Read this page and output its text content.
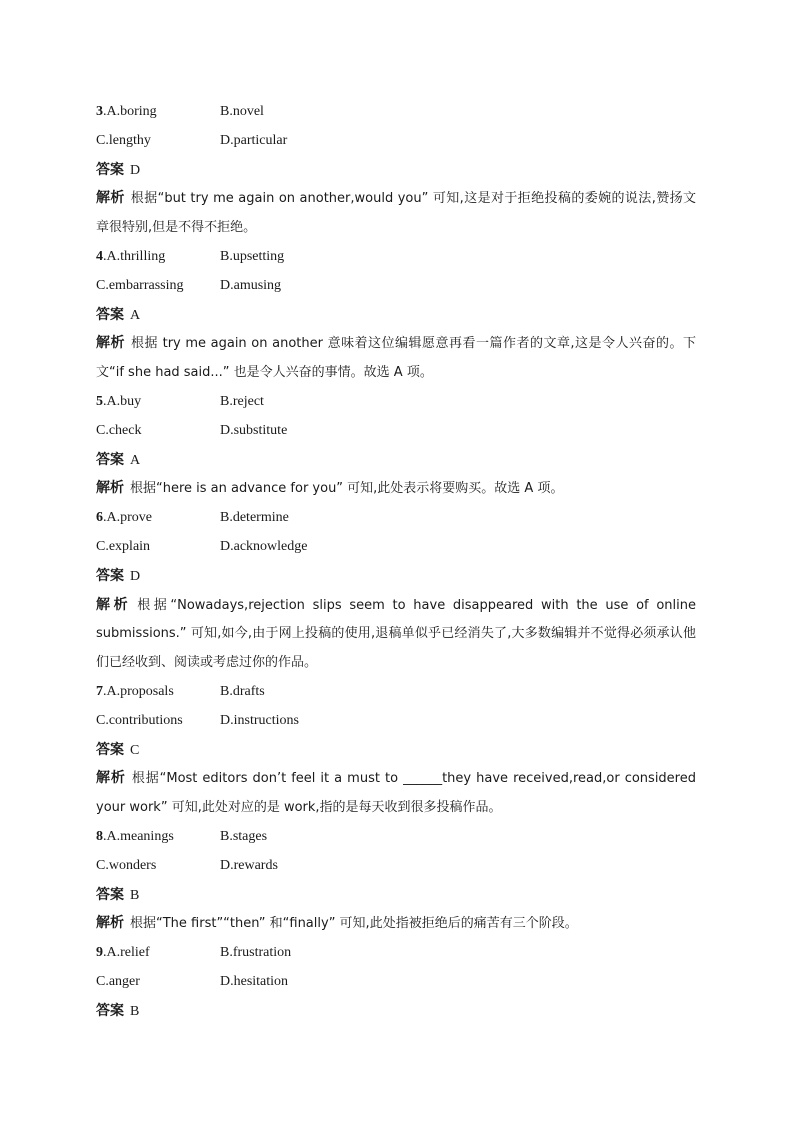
3.A.boring	B.novel
C.lengthy	D.particular
答案 D
解析 根据“but try me again on another,would you” 可知,这是对于拒绝投稿的委婉的说法,赞扬文章很特别,但是不得不拒绝。
4.A.thrilling	B.upsetting
C.embarrassing	D.amusing
答案 A
解析 根据 try me again on another 意味着这位编辑愿意再看一篇作者的文章,这是令人兴奋的。下文“if she had said...” 也是令人兴奋的事情。故选 A 项。
5.A.buy	B.reject
C.check	D.substitute
答案 A
解析 根据“here is an advance for you” 可知,此处表示将要购买。故选 A 项。
6.A.prove	B.determine
C.explain	D.acknowledge
答案 D
解析 根据“Nowadays,rejection slips seem to have disappeared with the use of online submissions.” 可知,如今,由于网上投稿的使用,退稿单似乎已经消失了,大多数编辑并不觉得必须承认他们已经收到、阅读或考虑过你的作品。
7.A.proposals	B.drafts
C.contributions	D.instructions
答案 C
解析 根据“Most editors don’t feel it a must to ______they have received,read,or considered your work” 可知,此处对应的是 work,指的是每天收到很多投稿作品。
8.A.meanings	B.stages
C.wonders	D.rewards
答案 B
解析 根据“The first”“then” 和“finally” 可知,此处指被拒绝后的痛苦有三个阶段。
9.A.relief	B.frustration
C.anger	D.hesitation
答案 B
